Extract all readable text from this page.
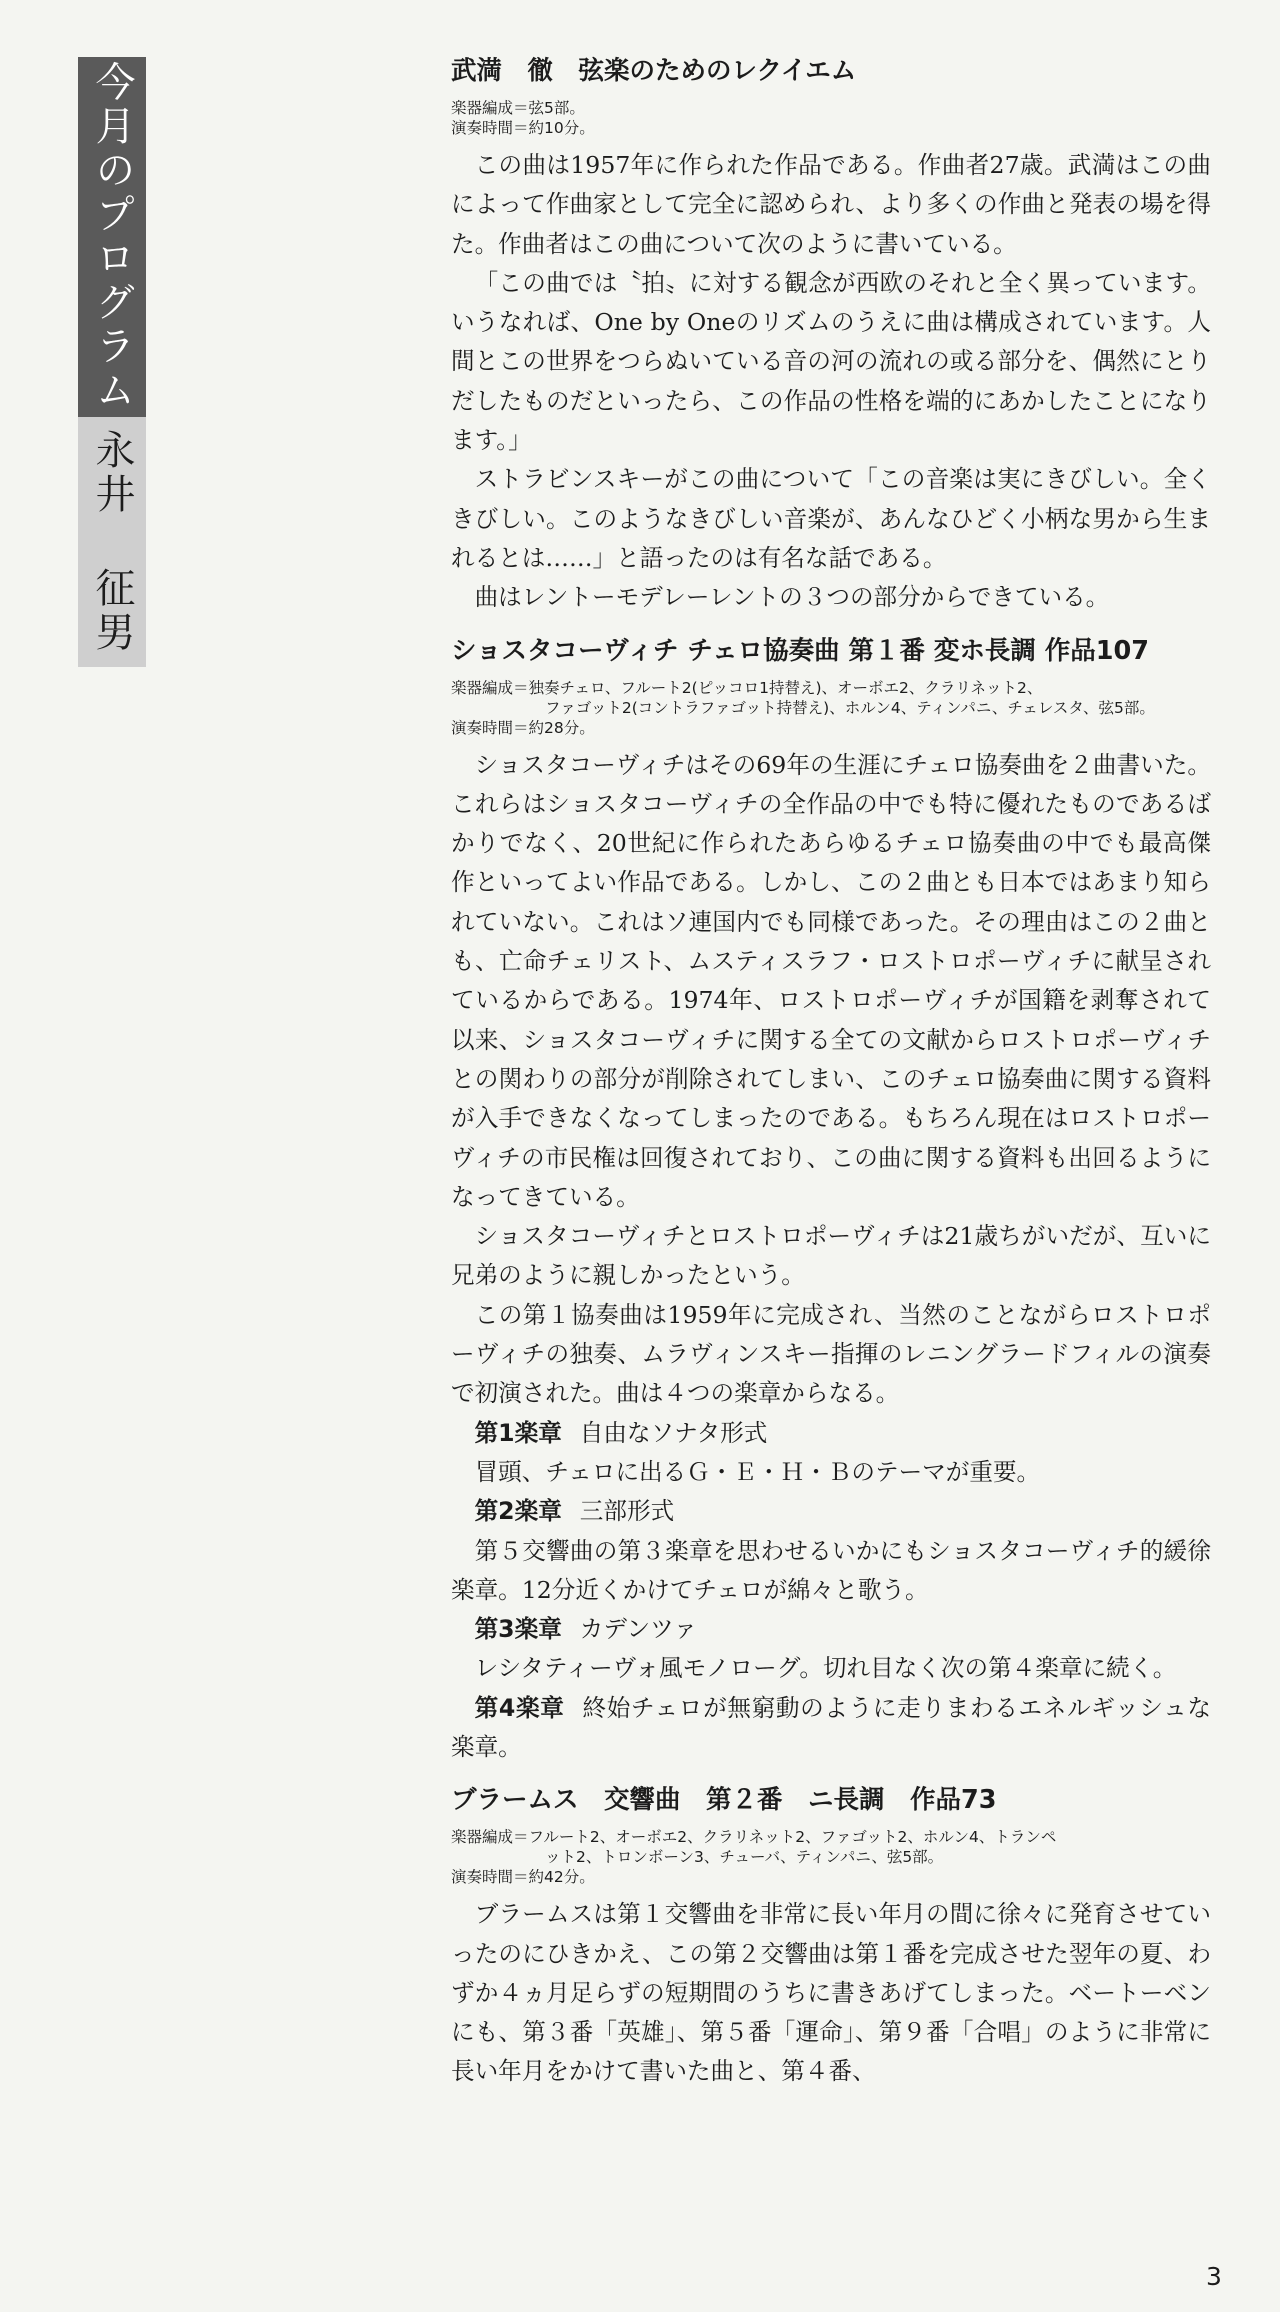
今月のプログラム
永井 征男
武満　徹　弦楽のためのレクイエム
楽器編成＝弦5部。
演奏時間＝約10分。

この曲は1957年に作られた作品である。作曲者27歳。武満はこの曲によって作曲家として完全に認められ、より多くの作曲と発表の場を得た。作曲者はこの曲について次のように書いている。

「この曲では〝拍〟に対する観念が西欧のそれと全く異っています。いうなれば、One by Oneのリズムのうえに曲は構成されています。人間とこの世界をつらぬいている音の河の流れの或る部分を、偶然にとりだしたものだといったら、この作品の性格を端的にあかしたことになります。」

ストラビンスキーがこの曲について「この音楽は実にきびしい。全くきびしい。このようなきびしい音楽が、あんなひどく小柄な男から生まれるとは……」と語ったのは有名な話である。

曲はレントーモデレーレントの３つの部分からできている。

ショスタコーヴィチ チェロ協奏曲 第１番 変ホ長調 作品107
楽器編成＝独奏チェロ、フルート2(ピッコロ1持替え)、オーボエ2、クラリネット2、
ファゴット2(コントラファゴット持替え)、ホルン4、ティンパニ、チェレスタ、弦5部。
演奏時間＝約28分。

ショスタコーヴィチはその69年の生涯にチェロ協奏曲を２曲書いた。これらはショスタコーヴィチの全作品の中でも特に優れたものであるばかりでなく、20世紀に作られたあらゆるチェロ協奏曲の中でも最高傑作といってよい作品である。しかし、この２曲とも日本ではあまり知られていない。これはソ連国内でも同様であった。その理由はこの２曲とも、亡命チェリスト、ムスティスラフ・ロストロポーヴィチに献呈されているからである。1974年、ロストロポーヴィチが国籍を剥奪されて以来、ショスタコーヴィチに関する全ての文献からロストロポーヴィチとの関わりの部分が削除されてしまい、このチェロ協奏曲に関する資料が入手できなくなってしまったのである。もちろん現在はロストロポーヴィチの市民権は回復されており、この曲に関する資料も出回るようになってきている。

ショスタコーヴィチとロストロポーヴィチは21歳ちがいだが、互いに兄弟のように親しかったという。

この第１協奏曲は1959年に完成され、当然のことながらロストロポーヴィチの独奏、ムラヴィンスキー指揮のレニングラードフィルの演奏で初演された。曲は４つの楽章からなる。

第1楽章 自由なソナタ形式

冒頭、チェロに出るＧ・Ｅ・Ｈ・Ｂのテーマが重要。

第2楽章 三部形式

第５交響曲の第３楽章を思わせるいかにもショスタコーヴィチ的緩徐楽章。12分近くかけてチェロが綿々と歌う。

第3楽章 カデンツァ

レシタティーヴォ風モノローグ。切れ目なく次の第４楽章に続く。

第4楽章 終始チェロが無窮動のように走りまわるエネルギッシュな楽章。

ブラームス　交響曲　第２番　ニ長調　作品73
楽器編成＝フルート2、オーボエ2、クラリネット2、ファゴット2、ホルン4、トランペ
ット2、トロンボーン3、チューバ、ティンパニ、弦5部。
演奏時間＝約42分。

ブラームスは第１交響曲を非常に長い年月の間に徐々に発育させていったのにひきかえ、この第２交響曲は第１番を完成させた翌年の夏、わずか４ヵ月足らずの短期間のうちに書きあげてしまった。ベートーベンにも、第３番「英雄」、第５番「運命」、第９番「合唱」のように非常に長い年月をかけて書いた曲と、第４番、

3
